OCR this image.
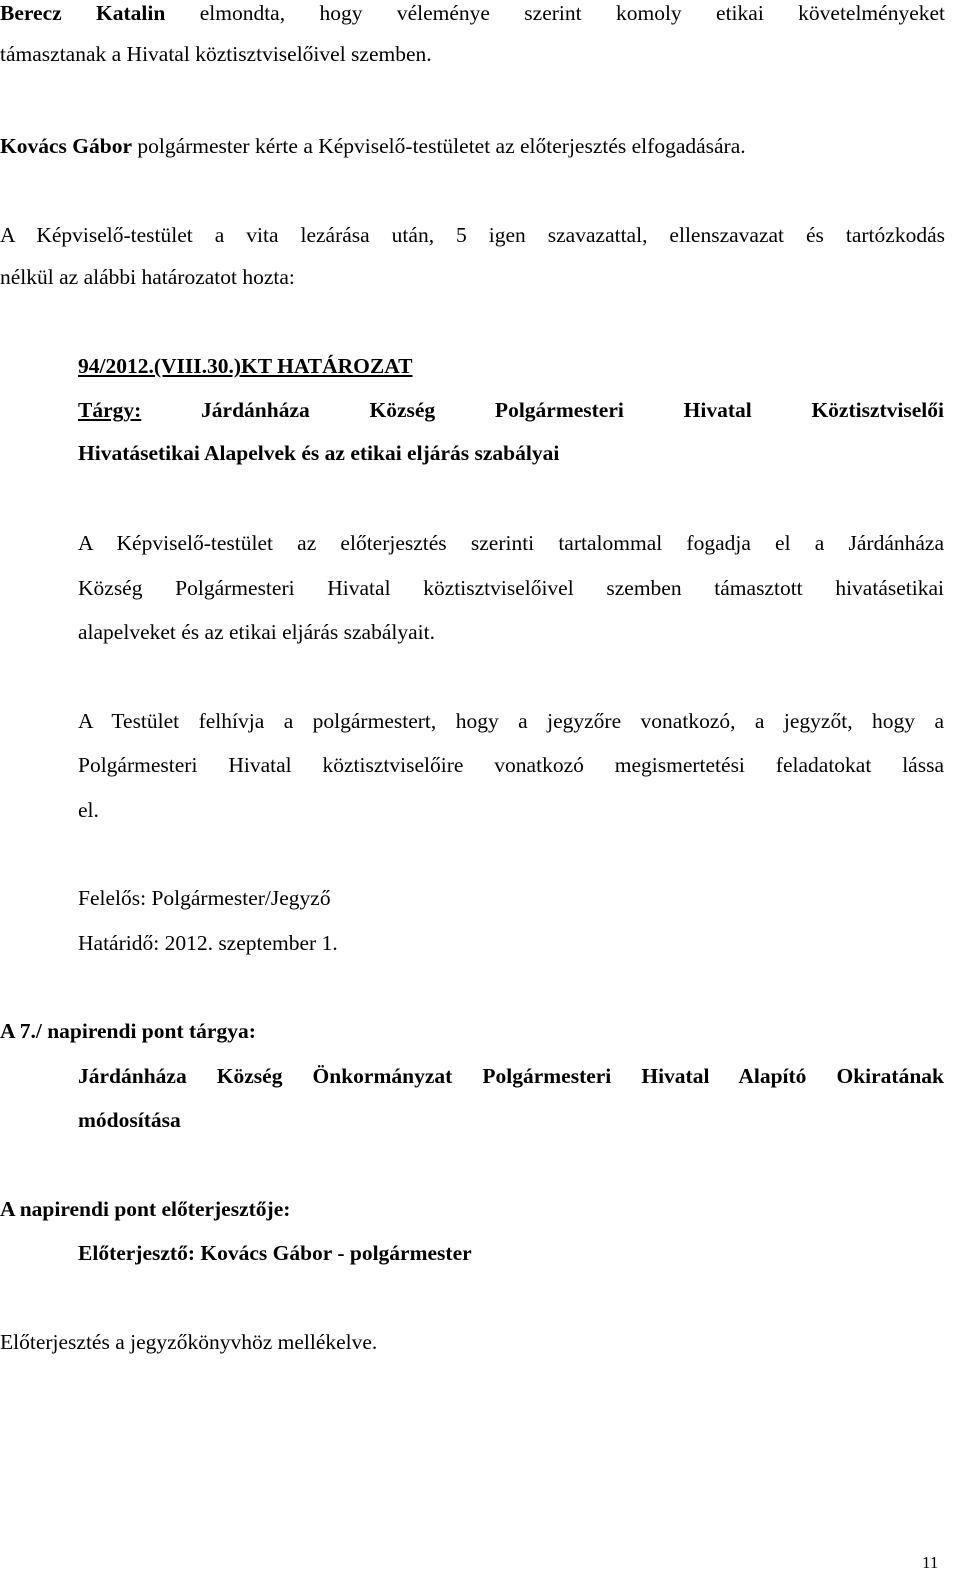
Berecz Katalin elmondta, hogy véleménye szerint komoly etikai követelményeket
támasztanak a Hivatal köztisztviselőivel szemben.
Kovács Gábor polgármester kérte a Képviselő-testületet az előterjesztés elfogadására.
A Képviselő-testület a vita lezárása után, 5 igen szavazattal, ellenszavazat és tartózkodás
nélkül az alábbi határozatot hozta:
94/2012.(VIII.30.)KT HATÁROZAT
Tárgy:	Járdánháza Község Polgármesteri Hivatal Köztisztviselői
Hivatásetikai Alapelvek és az etikai eljárás szabályai
A Képviselő-testület az előterjesztés szerinti tartalommal fogadja el a Járdánháza
Község Polgármesteri Hivatal köztisztviselőivel szemben támasztott hivatásetikai
alapelveket és az etikai eljárás szabályait.
A Testület felhívja a polgármestert, hogy a jegyzőre vonatkozó, a jegyzőt, hogy a
Polgármesteri Hivatal köztisztviselőire vonatkozó megismertetési feladatokat lássa
el.
Felelős: Polgármester/Jegyző
Határidő: 2012. szeptember 1.
A 7./ napirendi pont tárgya:
Járdánháza Község Önkormányzat Polgármesteri Hivatal Alapító Okiratának
módosítása
A napirendi pont előterjesztője:
Előterjesztő: Kovács Gábor - polgármester
Előterjesztés a jegyzőkönyvhöz mellékelve.
11
